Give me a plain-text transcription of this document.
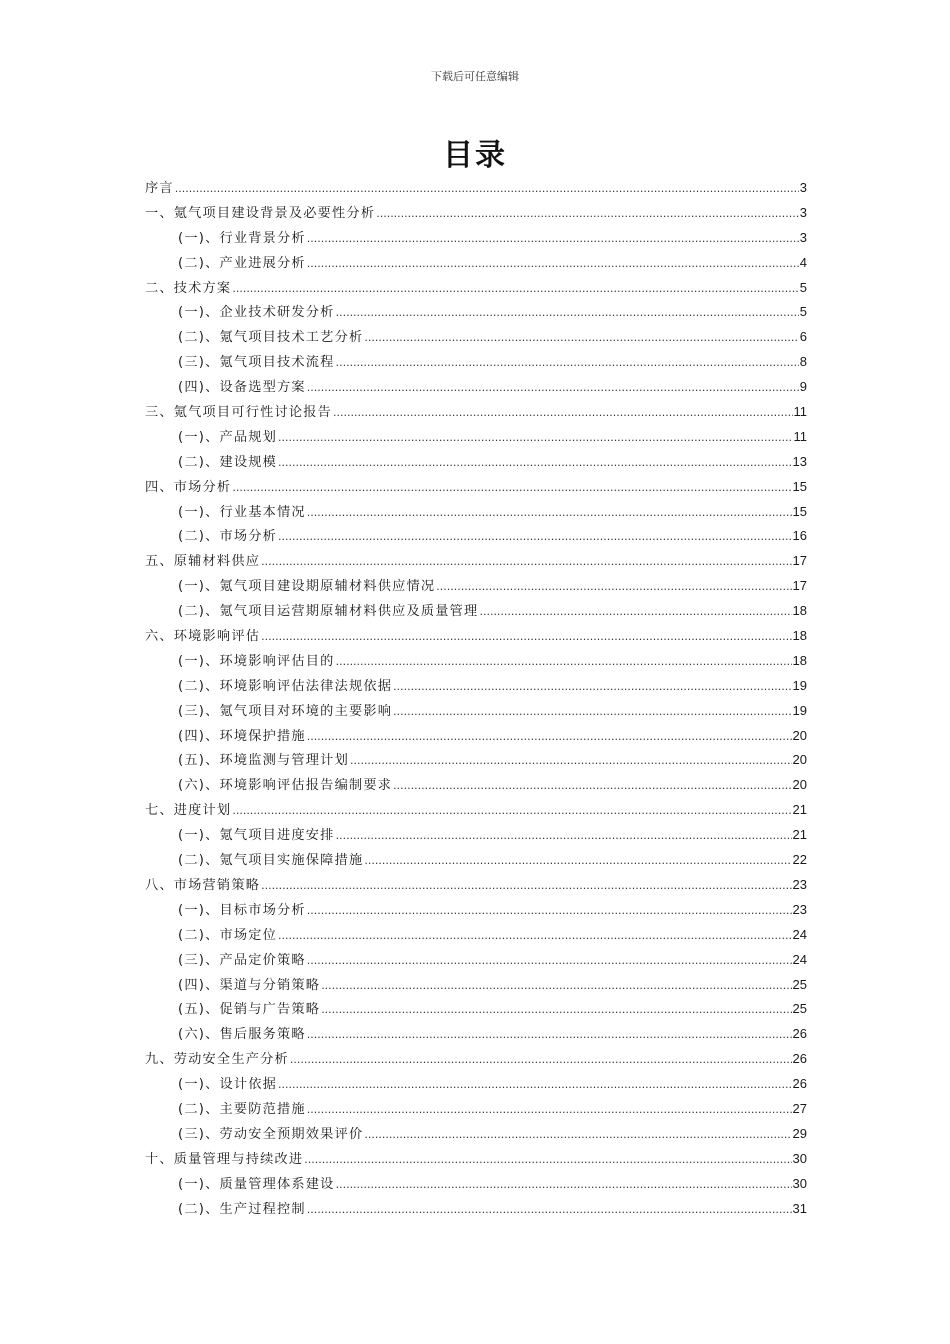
下载后可任意编辑
目录
序言 .....	3
一、氪气项目建设背景及必要性分析 .....	3
(一)、行业背景分析 .....	3
(二)、产业进展分析 .....	4
二、技术方案 .....	5
(一)、企业技术研发分析 .....	5
(二)、氪气项目技术工艺分析 .....	6
(三)、氪气项目技术流程 .....	8
(四)、设备选型方案 .....	9
三、氪气项目可行性讨论报告 .....	11
(一)、产品规划 .....	11
(二)、建设规模 .....	13
四、市场分析 .....	15
(一)、行业基本情况 .....	15
(二)、市场分析 .....	16
五、原辅材料供应 .....	17
(一)、氪气项目建设期原辅材料供应情况 .....	17
(二)、氪气项目运营期原辅材料供应及质量管理 .....	18
六、环境影响评估 .....	18
(一)、环境影响评估目的 .....	18
(二)、环境影响评估法律法规依据 .....	19
(三)、氪气项目对环境的主要影响 .....	19
(四)、环境保护措施 .....	20
(五)、环境监测与管理计划 .....	20
(六)、环境影响评估报告编制要求 .....	20
七、进度计划 .....	21
(一)、氪气项目进度安排 .....	21
(二)、氪气项目实施保障措施 .....	22
八、市场营销策略 .....	23
(一)、目标市场分析 .....	23
(二)、市场定位 .....	24
(三)、产品定价策略 .....	24
(四)、渠道与分销策略 .....	25
(五)、促销与广告策略 .....	25
(六)、售后服务策略 .....	26
九、劳动安全生产分析 .....	26
(一)、设计依据 .....	26
(二)、主要防范措施 .....	27
(三)、劳动安全预期效果评价 .....	29
十、质量管理与持续改进 .....	30
(一)、质量管理体系建设 .....	30
(二)、生产过程控制 .....	31
